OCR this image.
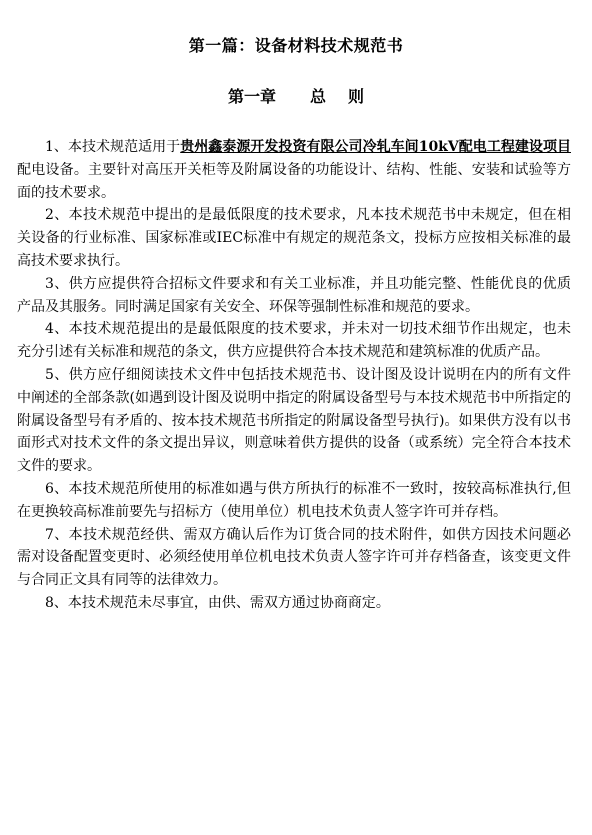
第一篇：设备材料技术规范书
第一章 总 则

1、本技术规范适用于贵州鑫泰源开发投资有限公司冷轧车间10kV配电工程建设项目配电设备。主要针对高压开关柜等及附属设备的功能设计、结构、性能、安装和试验等方面的技术要求。

2、本技术规范中提出的是最低限度的技术要求，凡本技术规范书中未规定，但在相关设备的行业标准、国家标准或IEC标准中有规定的规范条文，投标方应按相关标准的最高技术要求执行。

3、供方应提供符合招标文件要求和有关工业标准，并且功能完整、性能优良的优质产品及其服务。同时满足国家有关安全、环保等强制性标准和规范的要求。

4、本技术规范提出的是最低限度的技术要求，并未对一切技术细节作出规定，也未充分引述有关标准和规范的条文，供方应提供符合本技术规范和建筑标准的优质产品。

5、供方应仔细阅读技术文件中包括技术规范书、设计图及设计说明在内的所有文件中阐述的全部条款(如遇到设计图及说明中指定的附属设备型号与本技术规范书中所指定的附属设备型号有矛盾的、按本技术规范书所指定的附属设备型号执行)。如果供方没有以书面形式对技术文件的条文提出异议，则意味着供方提供的设备（或系统）完全符合本技术文件的要求。

6、本技术规范所使用的标准如遇与供方所执行的标准不一致时，按较高标准执行,但在更换较高标准前要先与招标方（使用单位）机电技术负责人签字许可并存档。

7、本技术规范经供、需双方确认后作为订货合同的技术附件，如供方因技术问题必需对设备配置变更时、必须经使用单位机电技术负责人签字许可并存档备查，该变更文件与合同正文具有同等的法律效力。

8、本技术规范未尽事宜，由供、需双方通过协商商定。
